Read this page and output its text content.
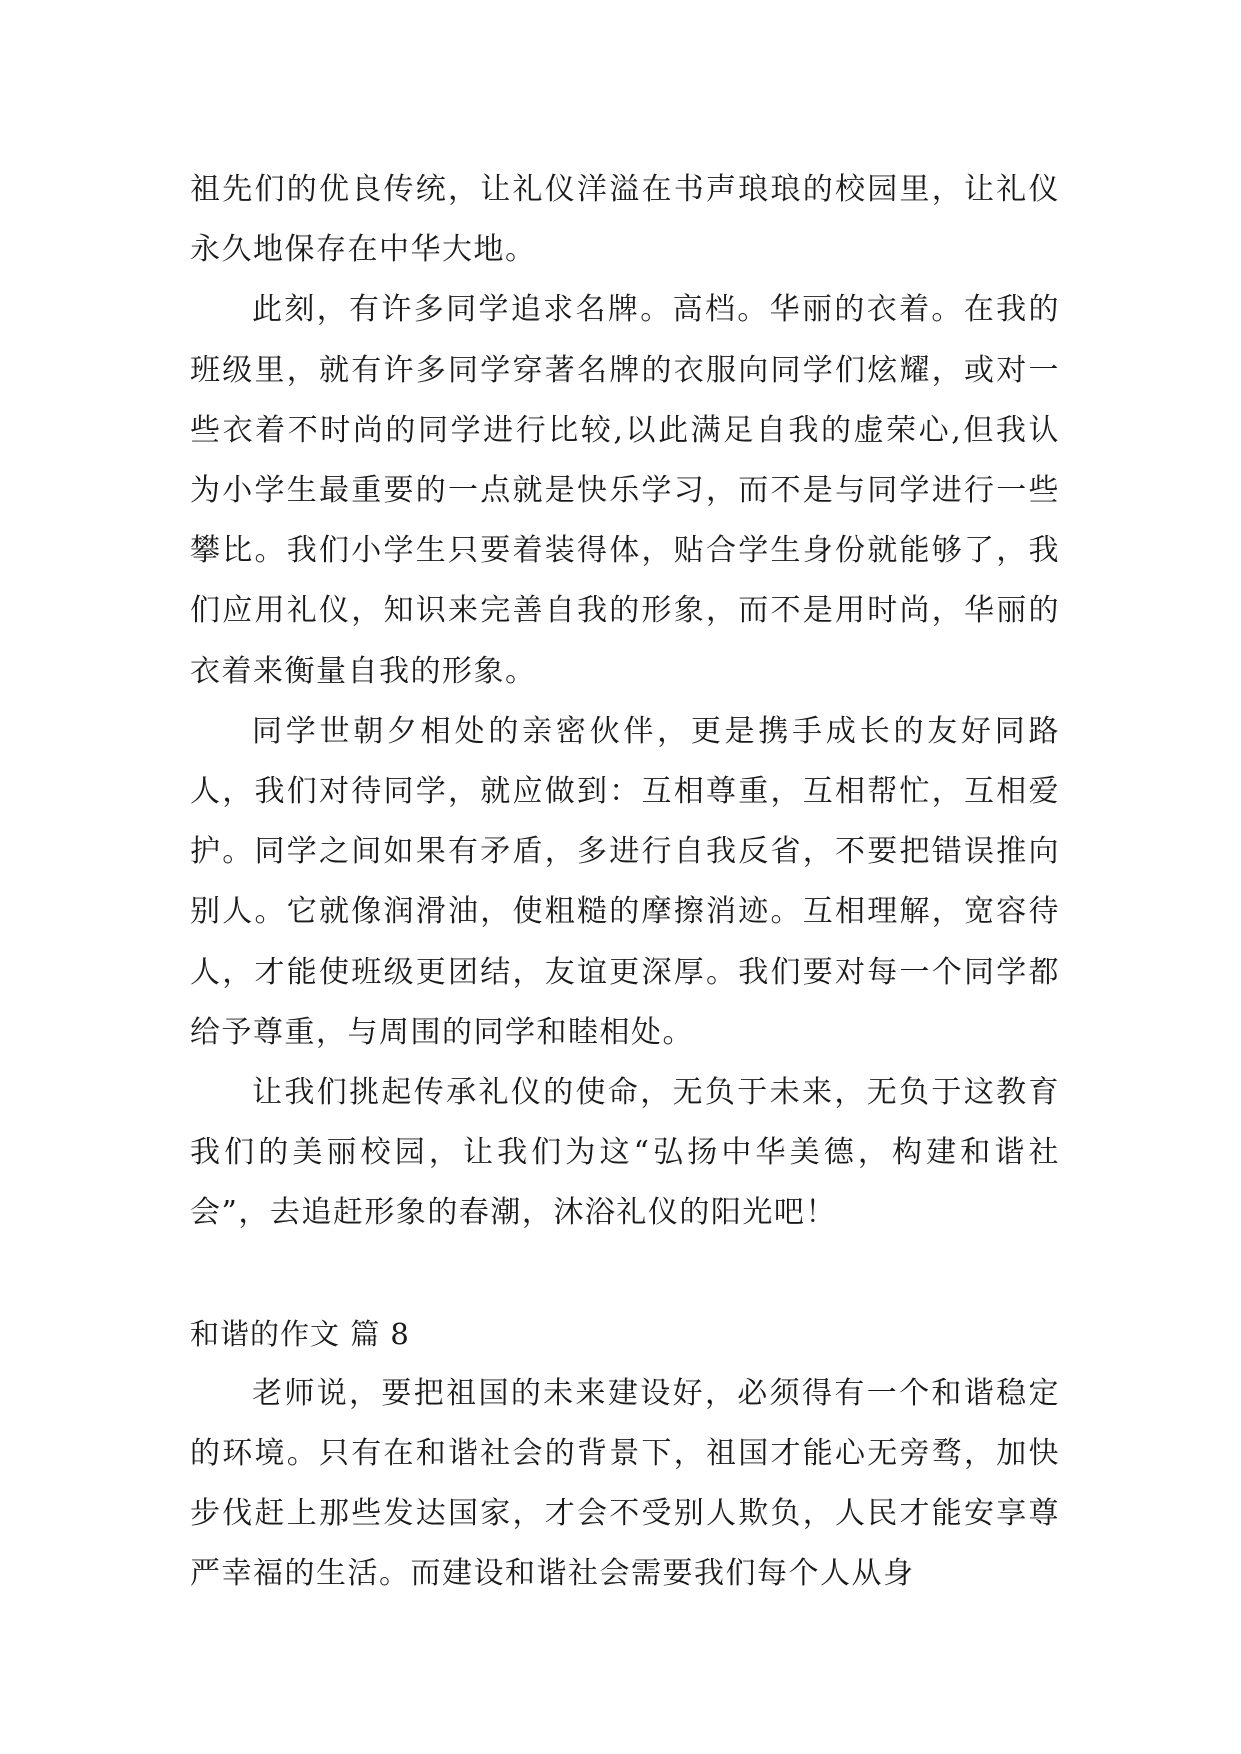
祖先们的优良传统，让礼仪洋溢在书声琅琅的校园里，让礼仪永久地保存在中华大地。

此刻，有许多同学追求名牌。高档。华丽的衣着。在我的班级里，就有许多同学穿著名牌的衣服向同学们炫耀，或对一些衣着不时尚的同学进行比较,以此满足自我的虚荣心,但我认为小学生最重要的一点就是快乐学习，而不是与同学进行一些攀比。我们小学生只要着装得体，贴合学生身份就能够了，我们应用礼仪，知识来完善自我的形象，而不是用时尚，华丽的衣着来衡量自我的形象。

同学世朝夕相处的亲密伙伴，更是携手成长的友好同路人，我们对待同学，就应做到：互相尊重，互相帮忙，互相爱护。同学之间如果有矛盾，多进行自我反省，不要把错误推向别人。它就像润滑油，使粗糙的摩擦消迹。互相理解，宽容待人，才能使班级更团结，友谊更深厚。我们要对每一个同学都给予尊重，与周围的同学和睦相处。

让我们挑起传承礼仪的使命，无负于未来，无负于这教育我们的美丽校园，让我们为这“弘扬中华美德，构建和谐社会”，去追赶形象的春潮，沐浴礼仪的阳光吧！

和谐的作文 篇 8

老师说，要把祖国的未来建设好，必须得有一个和谐稳定的环境。只有在和谐社会的背景下，祖国才能心无旁骛，加快步伐赶上那些发达国家，才会不受别人欺负，人民才能安享尊严幸福的生活。而建设和谐社会需要我们每个人从身
